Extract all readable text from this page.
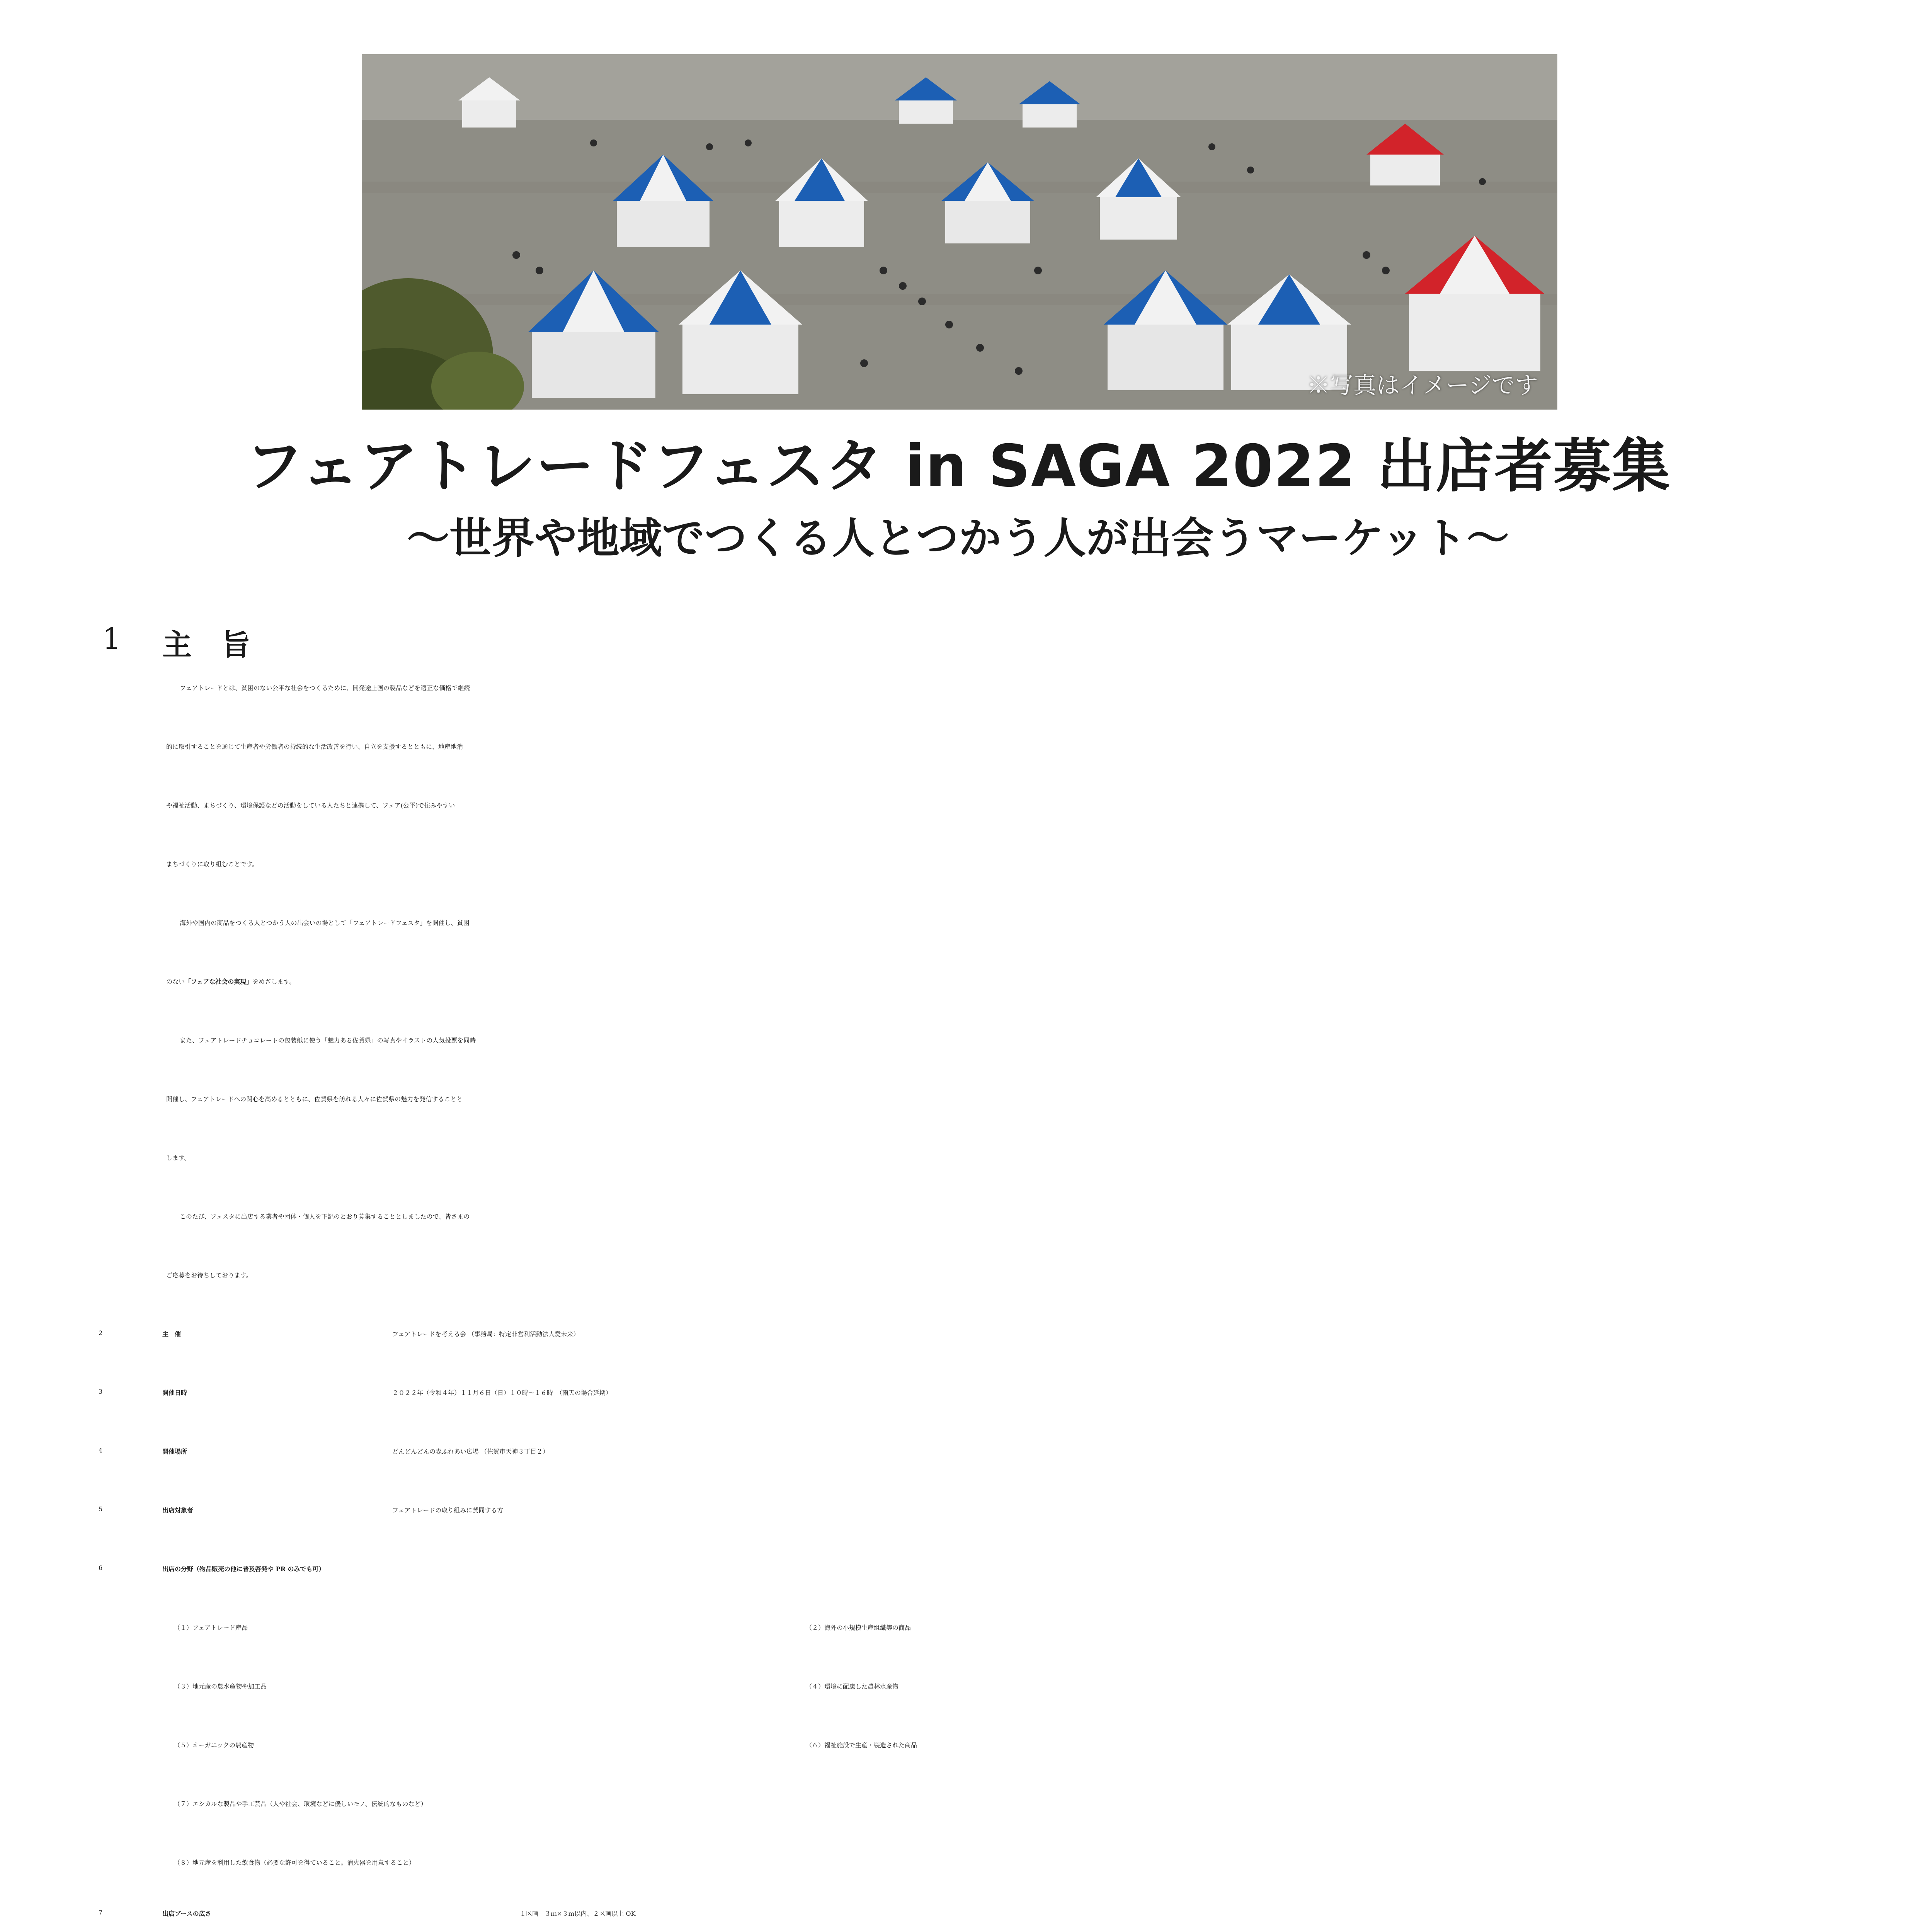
※写真はイメージです
フェアトレードフェスタ in SAGA 2022 出店者募集
～世界や地域でつくる人とつかう人が出会うマーケット～
1 主　旨
フェアトレードとは、貧困のない公平な社会をつくるために、開発途上国の製品などを適正な価格で継続
的に取引することを通じて生産者や労働者の持続的な生活改善を行い、自立を支援するとともに、地産地消
や福祉活動、まちづくり、環境保護などの活動をしている人たちと連携して、フェア(公平)で住みやすい
まちづくりに取り組むことです。
海外や国内の商品をつくる人とつかう人の出会いの場として「フェアトレードフェスタ」を開催し、貧困
のない「フェアな社会の実現」をめざします。
また、フェアトレードチョコレートの包装紙に使う「魅力ある佐賀県」の写真やイラストの人気投票を同時
開催し、フェアトレードへの関心を高めるとともに、佐賀県を訪れる人々に佐賀県の魅力を発信することと
します。
このたび、フェスタに出店する業者や団体・個人を下記のとおり募集することとしましたので、皆さまの
ご応募をお待ちしております。
2	主　催	フェアトレードを考える会 （事務局：特定非営利活動法人愛未来）
3	開催日時	２０２２年（令和４年）１１月６日（日）１０時～１６時　（雨天の場合延期）
4	開催場所	どんどんどんの森ふれあい広場 （佐賀市天神３丁目２）
5	出店対象者	フェアトレードの取り組みに賛同する方
6	出店の分野（物品販売の他に普及啓発や PR のみでも可）
（１）フェアトレード産品	（２）海外の小規模生産組織等の商品
（３）地元産の農水産物や加工品	（４）環境に配慮した農林水産物
（５）オーガニックの農産物	（６）福祉施設で生産・製造された商品
（７）エシカルな製品や手工芸品（人や社会、環境などに優しいモノ、伝統的なものなど）
（８）地元産を利用した飲食物（必要な許可を得ていること。消火器を用意すること）
7	出店ブースの広さ	１区画　３ｍ×３ｍ以内、２区画以上 OK
